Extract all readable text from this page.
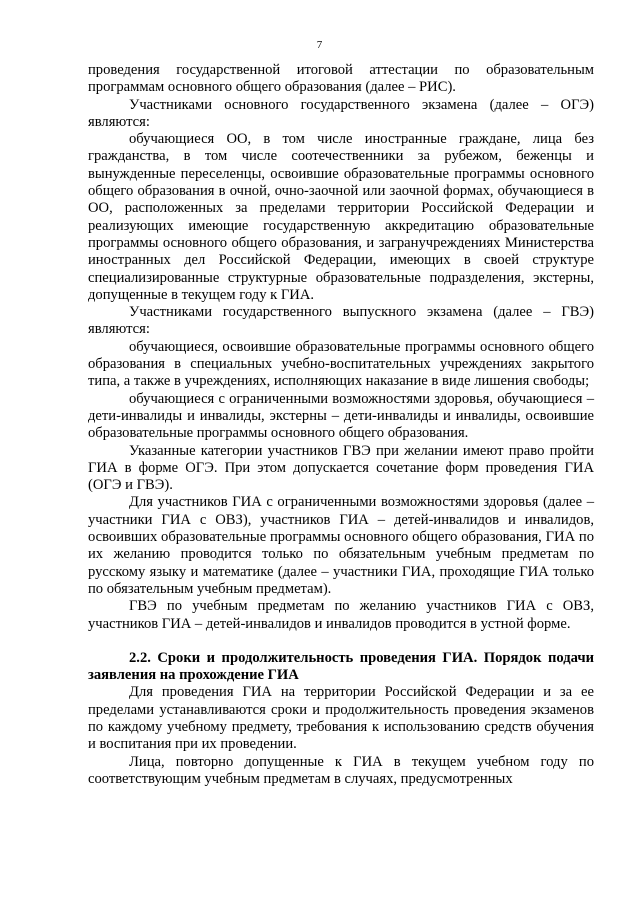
7

проведения государственной итоговой аттестации по образовательным программам основного общего образования (далее – РИС).

Участниками основного государственного экзамена (далее – ОГЭ) являются:

обучающиеся ОО, в том числе иностранные граждане, лица без гражданства, в том числе соотечественники за рубежом, беженцы и вынужденные переселенцы, освоившие образовательные программы основного общего образования в очной, очно-заочной или заочной формах, обучающиеся в ОО, расположенных за пределами территории Российской Федерации и реализующих имеющие государственную аккредитацию образовательные программы основного общего образования, и загранучреждениях Министерства иностранных дел Российской Федерации, имеющих в своей структуре специализированные структурные образовательные подразделения, экстерны, допущенные в текущем году к ГИА.

Участниками государственного выпускного экзамена (далее – ГВЭ) являются:

обучающиеся, освоившие образовательные программы основного общего образования в специальных учебно-воспитательных учреждениях закрытого типа, а также в учреждениях, исполняющих наказание в виде лишения свободы;

обучающиеся с ограниченными возможностями здоровья, обучающиеся – дети-инвалиды и инвалиды, экстерны – дети-инвалиды и инвалиды, освоившие образовательные программы основного общего образования.

Указанные категории участников ГВЭ при желании имеют право пройти ГИА в форме ОГЭ. При этом допускается сочетание форм проведения ГИА (ОГЭ и ГВЭ).

Для участников ГИА с ограниченными возможностями здоровья (далее – участники ГИА с ОВЗ), участников ГИА – детей-инвалидов и инвалидов, освоивших образовательные программы основного общего образования, ГИА по их желанию проводится только по обязательным учебным предметам по русскому языку и математике (далее – участники ГИА, проходящие ГИА только по обязательным учебным предметам).

ГВЭ по учебным предметам по желанию участников ГИА с ОВЗ, участников ГИА – детей-инвалидов и инвалидов проводится в устной форме.

2.2. Сроки и продолжительность проведения ГИА. Порядок подачи заявления на прохождение ГИА

Для проведения ГИА на территории Российской Федерации и за ее пределами устанавливаются сроки и продолжительность проведения экзаменов по каждому учебному предмету, требования к использованию средств обучения и воспитания при их проведении.

Лица, повторно допущенные к ГИА в текущем учебном году по соответствующим учебным предметам в случаях, предусмотренных
